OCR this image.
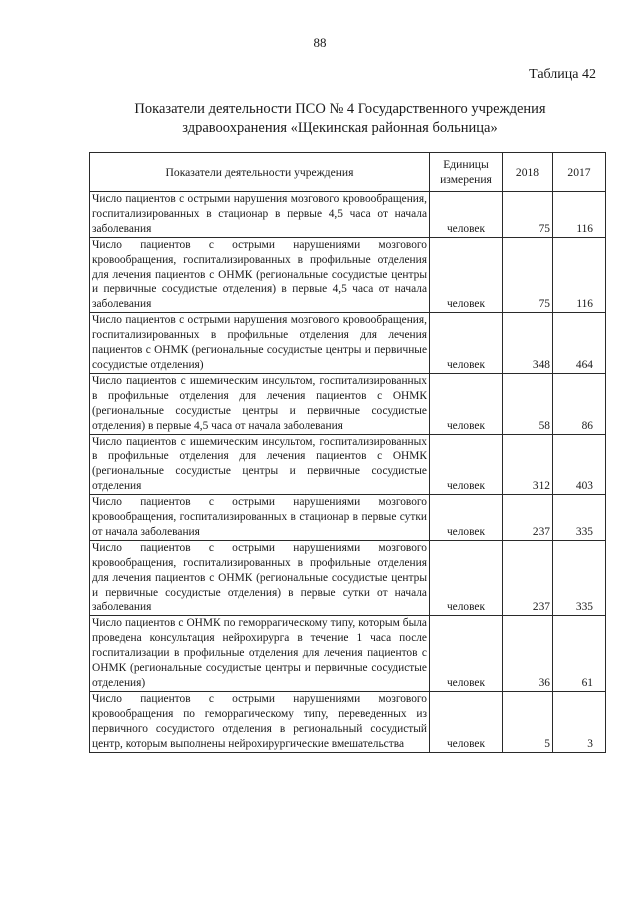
88
Таблица 42
Показатели деятельности ПСО № 4 Государственного учреждения
здравоохранения «Щекинская районная больница»
Показатели деятельности учреждения	Единицы измерения	2018	2017
Число пациентов с острыми нарушения мозгового кровообращения, госпитализированных в стационар в первые 4,5 часа от начала заболевания	человек	75	116
Число пациентов с острыми нарушениями мозгового кровообращения, госпитализированных в профильные отделения для лечения пациентов с ОНМК (региональные сосудистые центры и первичные сосудистые отделения) в первые 4,5 часа от начала заболевания	человек	75	116
Число пациентов с острыми нарушения мозгового кровообращения, госпитализированных в профильные отделения для лечения пациентов с ОНМК (региональные сосудистые центры и первичные сосудистые отделения)	человек	348	464
Число пациентов с ишемическим инсультом, госпитализированных в профильные отделения для лечения пациентов с ОНМК (региональные сосудистые центры и первичные сосудистые отделения) в первые 4,5 часа от начала заболевания	человек	58	86
Число пациентов с ишемическим инсультом, госпитализированных в профильные отделения для лечения пациентов с ОНМК (региональные сосудистые центры и первичные сосудистые отделения	человек	312	403
Число пациентов с острыми нарушениями мозгового кровообращения, госпитализированных в стационар в первые сутки от начала заболевания	человек	237	335
Число пациентов с острыми нарушениями мозгового кровообращения, госпитализированных в профильные отделения для лечения пациентов с ОНМК (региональные сосудистые центры и первичные сосудистые отделения) в первые сутки от начала заболевания	человек	237	335
Число пациентов с ОНМК по геморрагическому типу, которым была проведена консультация нейрохирурга в течение 1 часа после госпитализации в профильные отделения для лечения пациентов с ОНМК (региональные сосудистые центры и первичные сосудистые отделения)	человек	36	61
Число пациентов с острыми нарушениями мозгового кровообращения по геморрагическому типу, переведенных из первичного сосудистого отделения в региональный сосудистый центр, которым выполнены нейрохирургические вмешательства	человек	5	3
